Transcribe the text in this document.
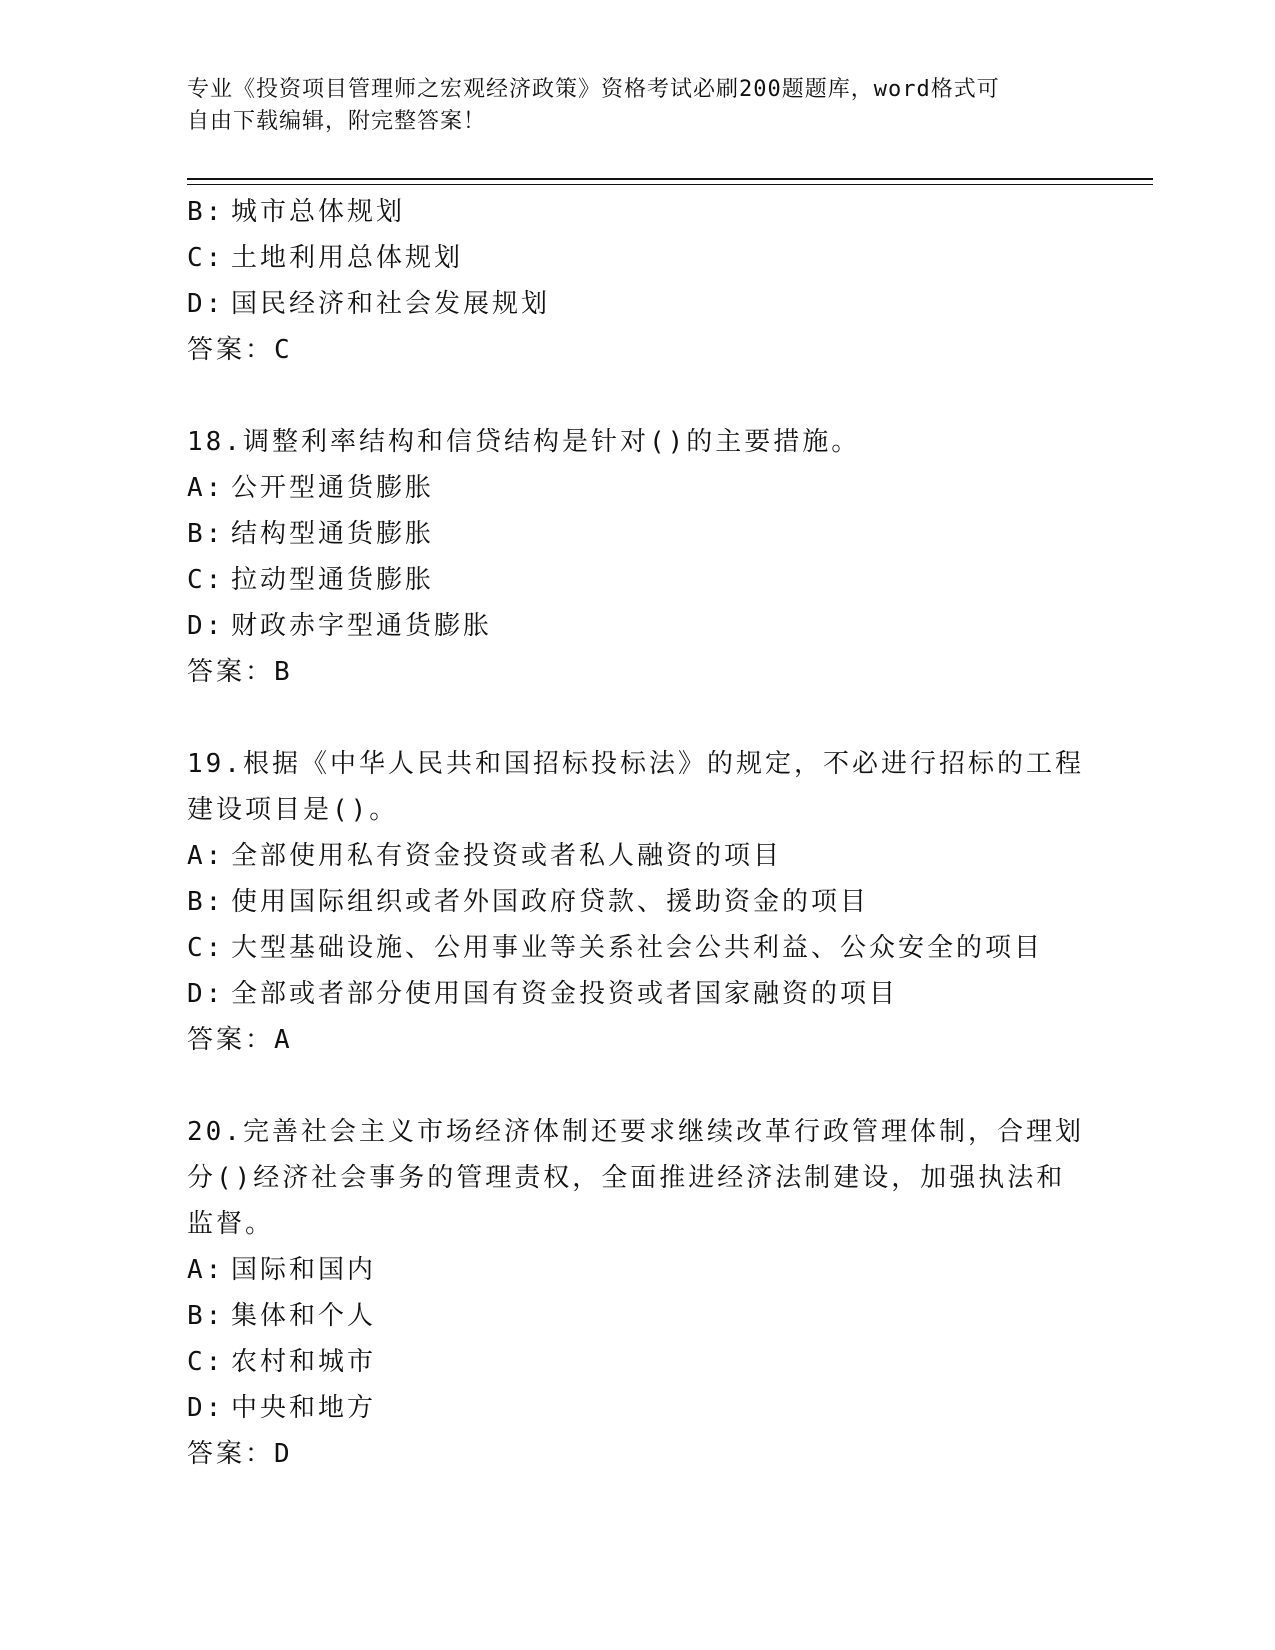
专业《投资项目管理师之宏观经济政策》资格考试必刷200题题库，word格式可
自由下载编辑，附完整答案！
B: 城市总体规划
C: 土地利用总体规划
D: 国民经济和社会发展规划
答案：C
18.调整利率结构和信贷结构是针对()的主要措施。
A: 公开型通货膨胀
B: 结构型通货膨胀
C: 拉动型通货膨胀
D: 财政赤字型通货膨胀
答案：B
19.根据《中华人民共和国招标投标法》的规定，不必进行招标的工程
建设项目是()。
A: 全部使用私有资金投资或者私人融资的项目
B: 使用国际组织或者外国政府贷款、援助资金的项目
C: 大型基础设施、公用事业等关系社会公共利益、公众安全的项目
D: 全部或者部分使用国有资金投资或者国家融资的项目
答案：A
20.完善社会主义市场经济体制还要求继续改革行政管理体制，合理划
分()经济社会事务的管理责权，全面推进经济法制建设，加强执法和
监督。
A: 国际和国内
B: 集体和个人
C: 农村和城市
D: 中央和地方
答案：D
